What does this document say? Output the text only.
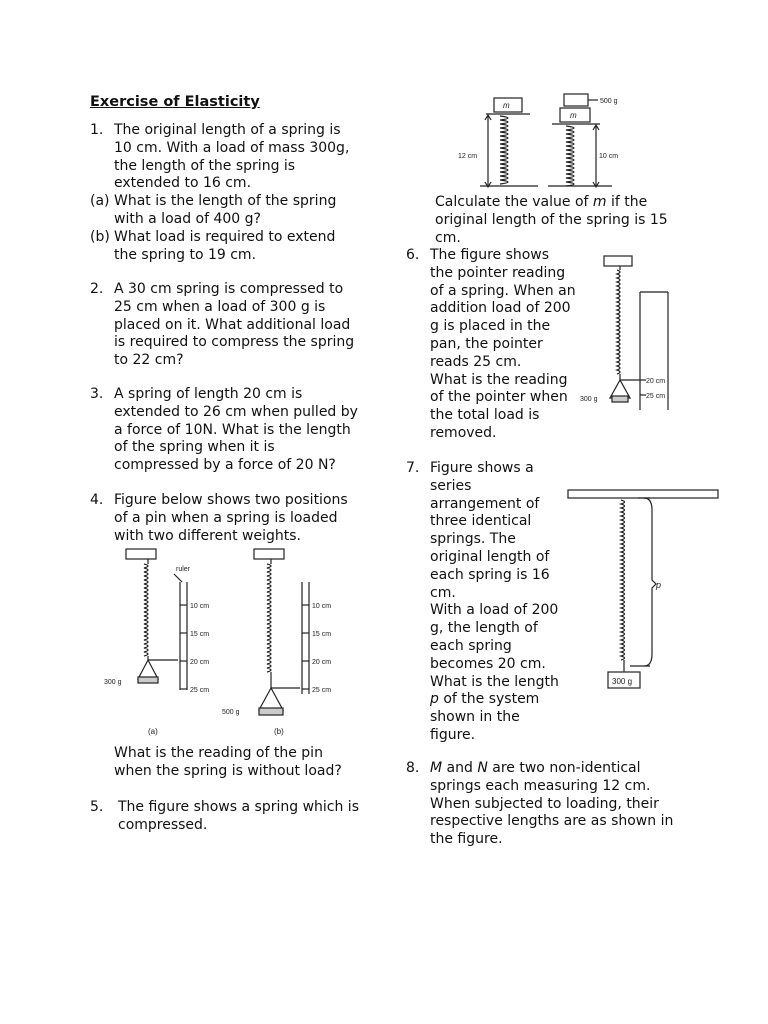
Exercise of Elasticity
1. The original length of a spring is 10 cm. With a load of mass 300g, the length of the spring is extended to 16 cm.
(a) What is the length of the spring with a load of 400 g?
(b) What load is required to extend the spring to 19 cm.
2. A 30 cm spring is compressed to 25 cm when a load of 300 g is placed on it. What additional load is required to compress the spring to 22 cm?
3. A spring of length 20 cm is extended to 26 cm when pulled by a force of 10N. What is the length of the spring when it is compressed by a force of 20 N?
4. Figure below shows two positions of a pin when a spring is loaded with two different weights.
ruler
10 cm
15 cm
20 cm
25 cm
300 g
(a)
10 cm
15 cm
20 cm
25 cm
500 g
(b)
What is the reading of the pin when the spring is without load?
5.	The figure shows a spring which is compressed.
m
m
500 g
12 cm	10 cm
Calculate the value of m if the original length of the spring is 15 cm.
6. The figure shows the pointer reading of a spring. When an addition load of 200 g is placed in the pan, the pointer reads 25 cm.
What is the reading of the pointer when the total load is removed.
300 g
20 cm
25 cm
7. Figure shows a series arrangement of three identical springs. The original length of each spring is 16 cm.
With a load of 200 g, the length of each spring becomes 20 cm.
What is the length p of the system shown in the figure.
p
300 g
8. M and N are two non-identical springs each measuring 12 cm. When subjected to loading, their respective lengths are as shown in the figure.
